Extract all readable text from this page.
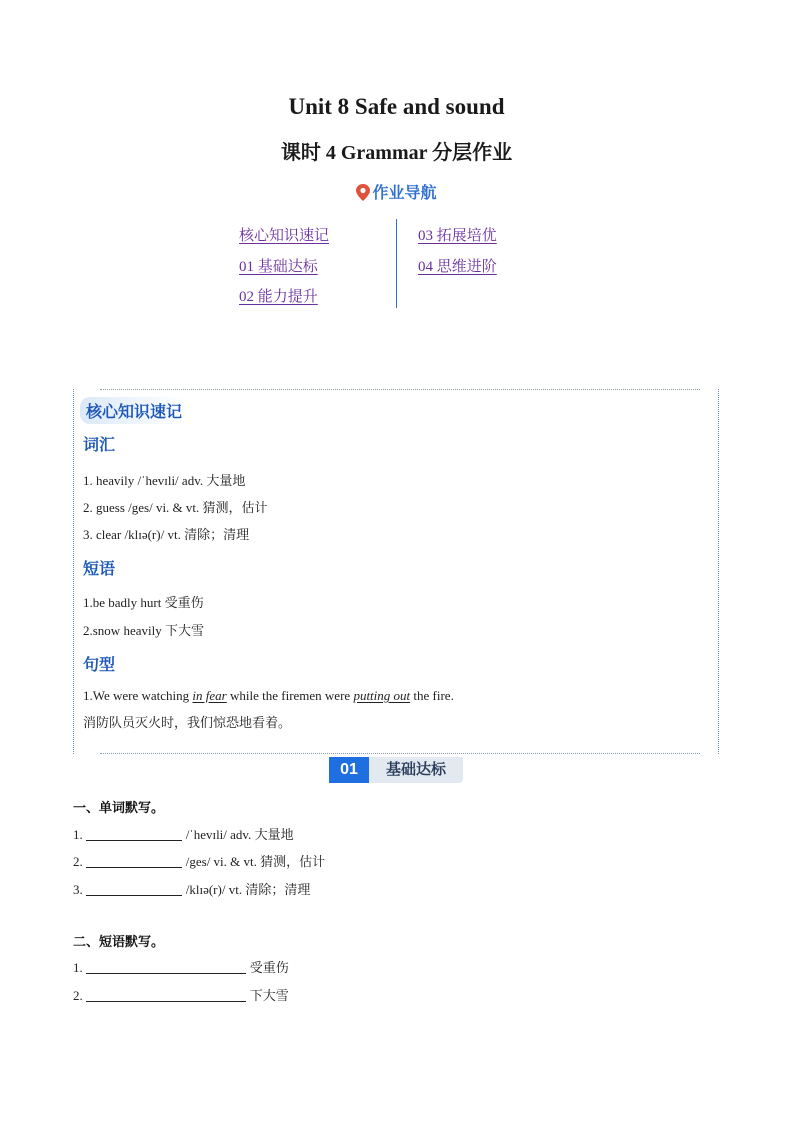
Unit 8 Safe and sound
课时 4 Grammar 分层作业
作业导航
核心知识速记
01 基础达标
02 能力提升
03 拓展培优
04 思维进阶
核心知识速记
词汇
1. heavily /ˈhevɪli/ adv. 大量地
2. guess /ges/ vi. & vt. 猜测，估计
3. clear /klɪə(r)/ vt. 清除；清理
短语
1.be badly hurt 受重伤
2.snow heavily 下大雪
句型
1.We were watching in fear while the firemen were putting out the fire.
消防队员灭火时，我们惊恐地看着。
01	基础达标
一、单词默写。
1.	/ˈhevɪli/ adv. 大量地
2.	/ges/ vi. & vt. 猜测，估计
3.	/klɪə(r)/ vt. 清除；清理
二、短语默写。
1.	受重伤
2.	下大雪
